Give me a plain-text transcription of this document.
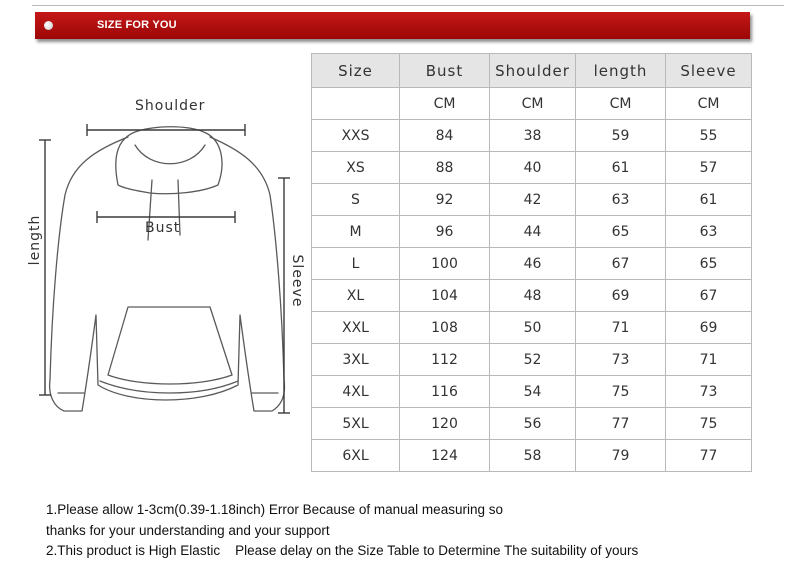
SIZE FOR YOU
Shoulder
Bust
length
Sleeve
Size	Bust	Shoulder	length	Sleeve
	CM	CM	CM	CM
XXS	84	38	59	55
XS	88	40	61	57
S	92	42	63	61
M	96	44	65	63
L	100	46	67	65
XL	104	48	69	67
XXL	108	50	71	69
3XL	112	52	73	71
4XL	116	54	75	73
5XL	120	56	77	75
6XL	124	58	79	77
1.Please allow 1-3cm(0.39-1.18inch) Error Because of manual measuring so
thanks for your understanding and your support
2.This product is High Elastic    Please delay on the Size Table to Determine The suitability of yours
